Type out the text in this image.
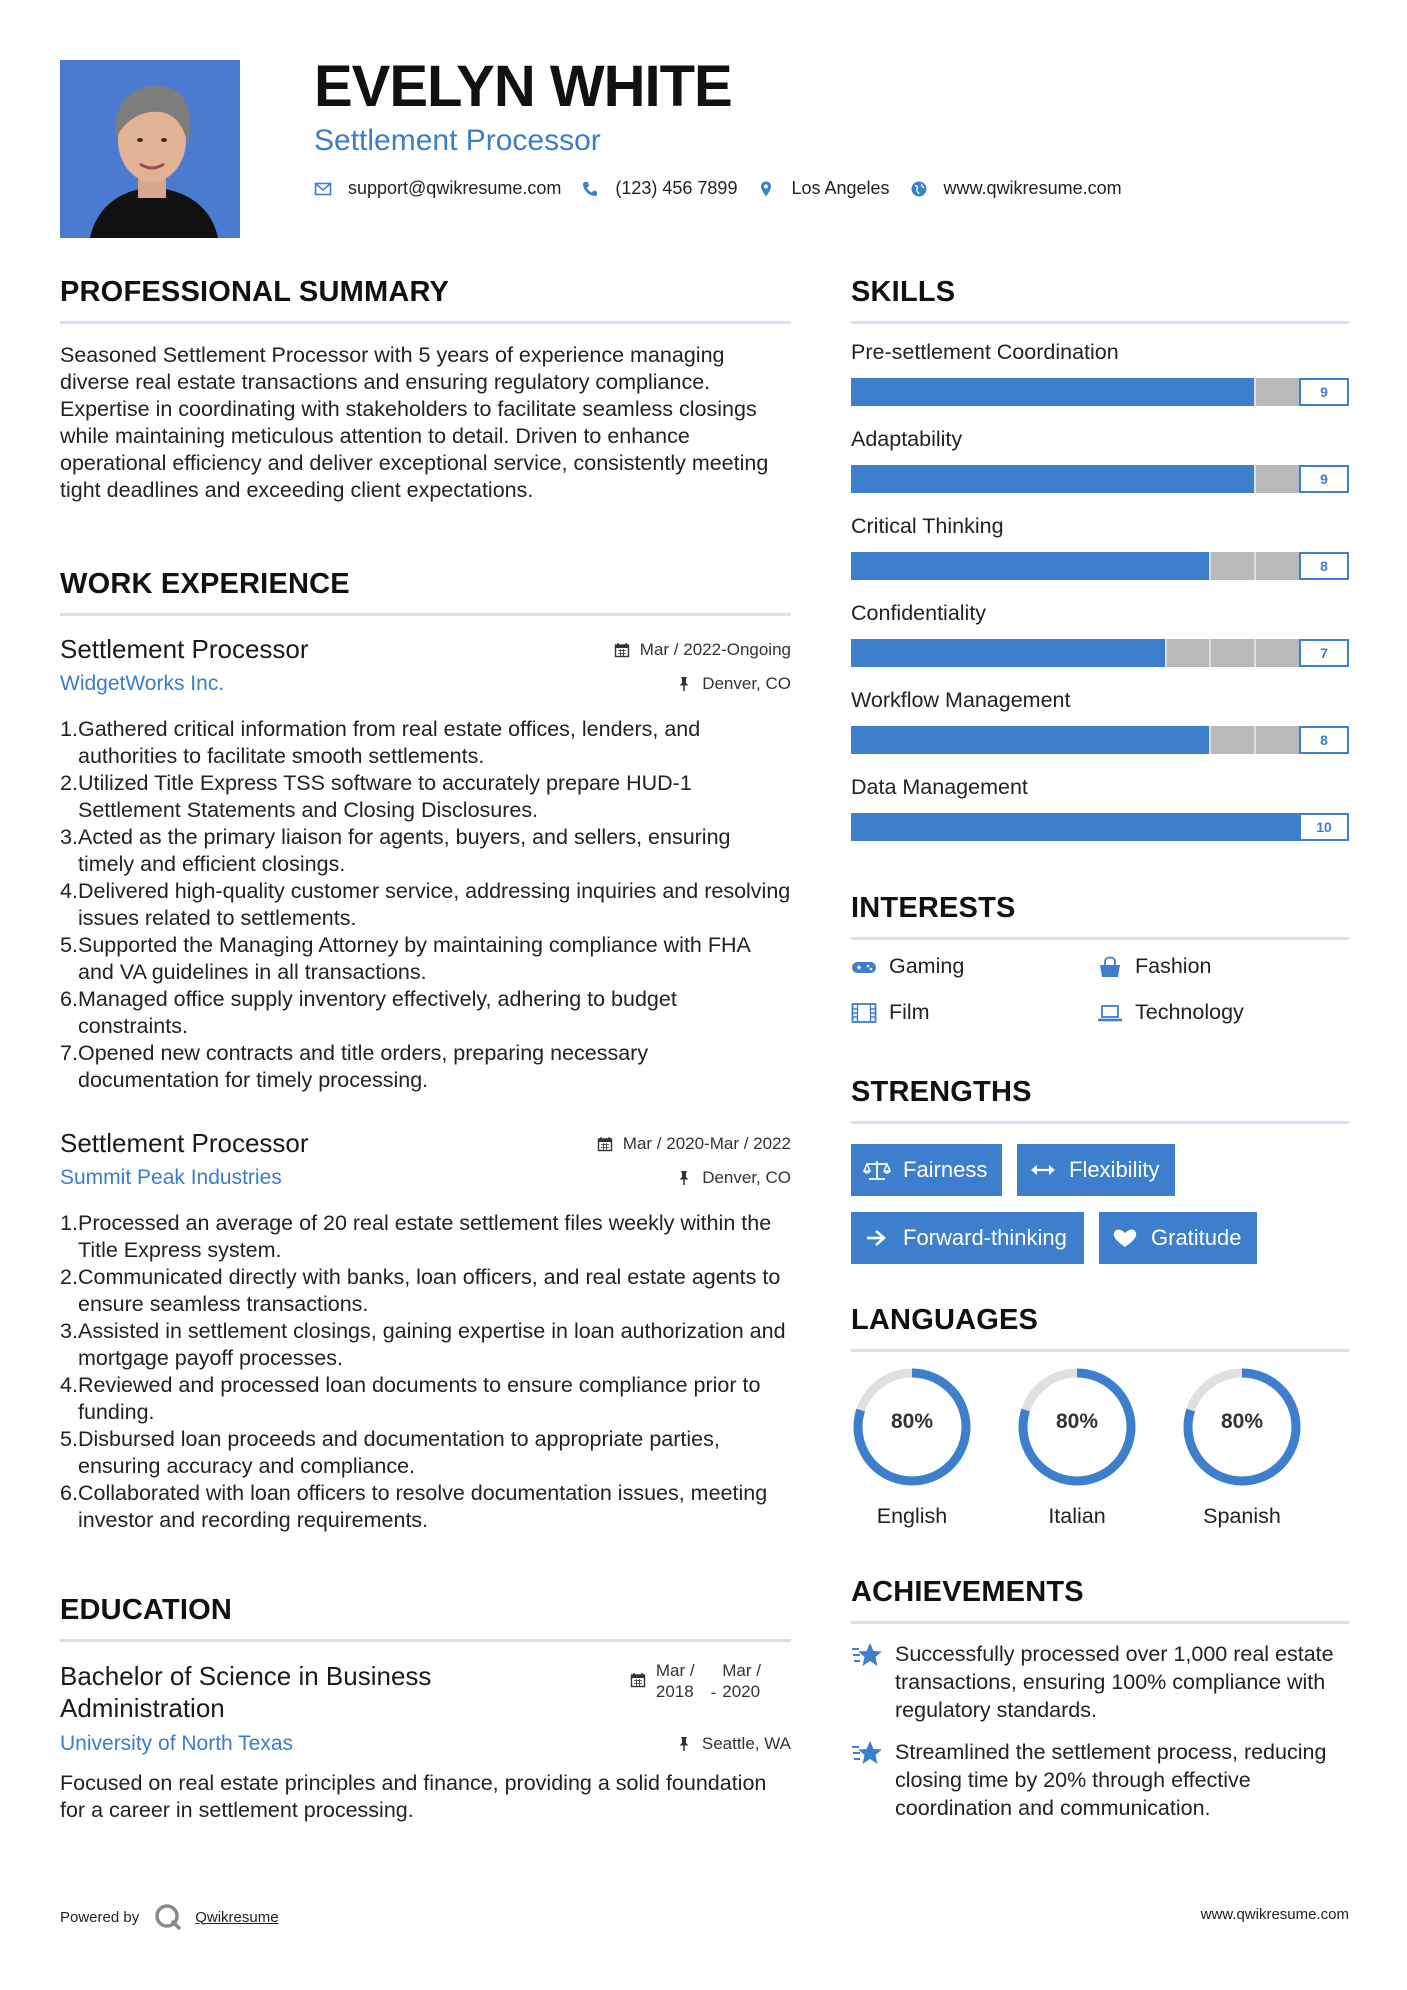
EVELYN WHITE
Settlement Processor
support@qwikresume.com	(123) 456 7899	Los Angeles	www.qwikresume.com
PROFESSIONAL SUMMARY
Seasoned Settlement Processor with 5 years of experience managing diverse real estate transactions and ensuring regulatory compliance. Expertise in coordinating with stakeholders to facilitate seamless closings while maintaining meticulous attention to detail. Driven to enhance operational efficiency and deliver exceptional service, consistently meeting tight deadlines and exceeding client expectations.
WORK EXPERIENCE
Settlement Processor
WidgetWorks Inc.
Mar / 2022-Ongoing
Denver, CO
1. Gathered critical information from real estate offices, lenders, and authorities to facilitate smooth settlements.
2. Utilized Title Express TSS software to accurately prepare HUD-1 Settlement Statements and Closing Disclosures.
3. Acted as the primary liaison for agents, buyers, and sellers, ensuring timely and efficient closings.
4. Delivered high-quality customer service, addressing inquiries and resolving issues related to settlements.
5. Supported the Managing Attorney by maintaining compliance with FHA and VA guidelines in all transactions.
6. Managed office supply inventory effectively, adhering to budget constraints.
7. Opened new contracts and title orders, preparing necessary documentation for timely processing.
Settlement Processor
Summit Peak Industries
Mar / 2020-Mar / 2022
Denver, CO
1. Processed an average of 20 real estate settlement files weekly within the Title Express system.
2. Communicated directly with banks, loan officers, and real estate agents to ensure seamless transactions.
3. Assisted in settlement closings, gaining expertise in loan authorization and mortgage payoff processes.
4. Reviewed and processed loan documents to ensure compliance prior to funding.
5. Disbursed loan proceeds and documentation to appropriate parties, ensuring accuracy and compliance.
6. Collaborated with loan officers to resolve documentation issues, meeting investor and recording requirements.
EDUCATION
Bachelor of Science in Business
Administration
Mar /
2018 -
Mar /
2020
University of North Texas	Seattle, WA
Focused on real estate principles and finance, providing a solid foundation for a career in settlement processing.
SKILLS
Pre-settlement Coordination
9
Adaptability
9
Critical Thinking
8
Confidentiality
7
Workflow Management
8
Data Management
10
INTERESTS
Gaming	Fashion
Film	Technology
STRENGTHS
Fairness	Flexibility
Forward-thinking	Gratitude
LANGUAGES
80%
English
80%
Italian
80%
Spanish
ACHIEVEMENTS
Successfully processed over 1,000 real estate transactions, ensuring 100% compliance with regulatory standards.
Streamlined the settlement process, reducing closing time by 20% through effective coordination and communication.
Powered by	Qwikresume	www.qwikresume.com
